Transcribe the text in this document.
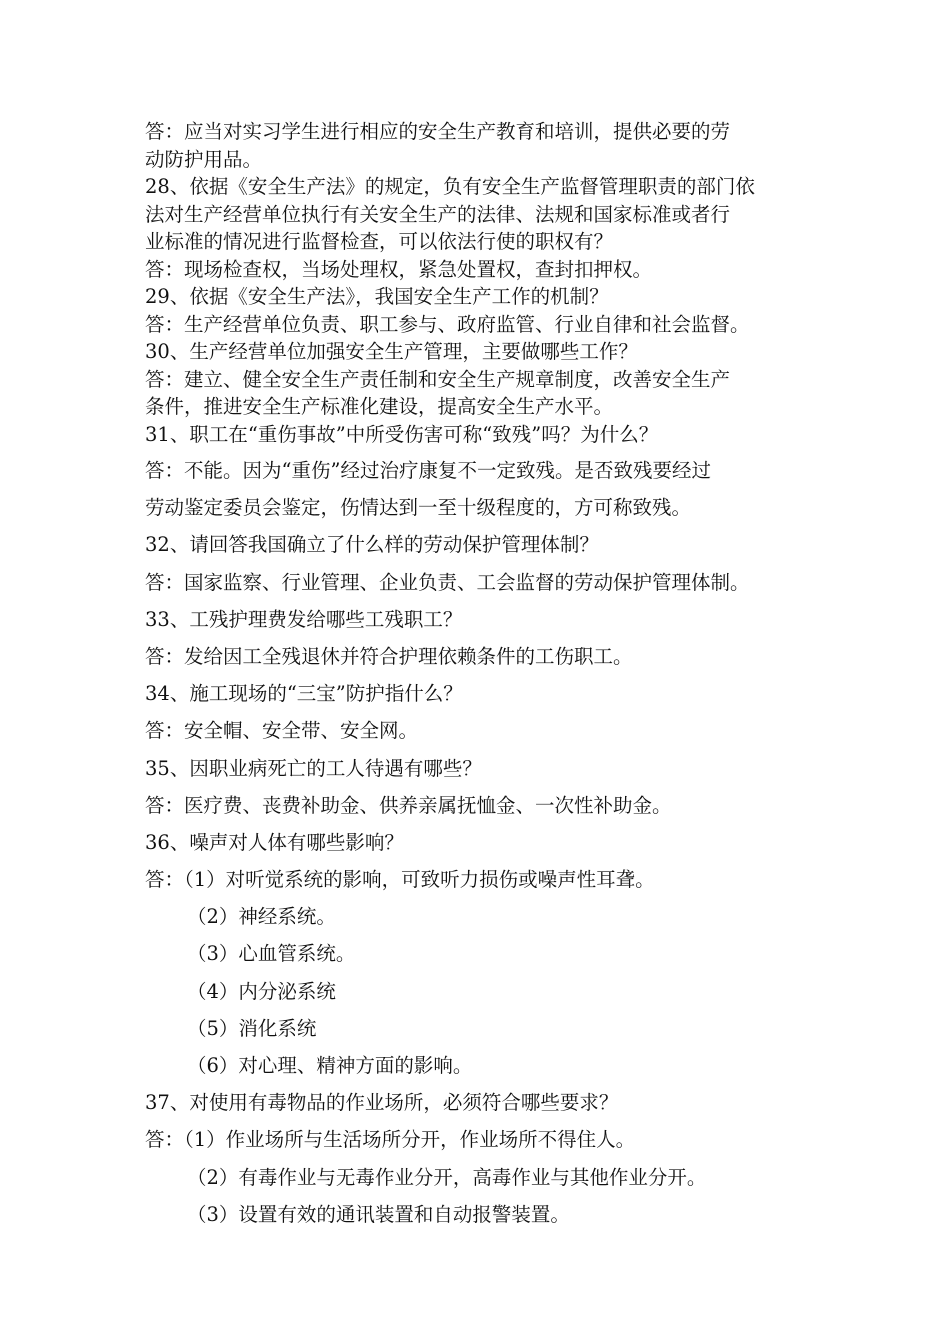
答：应当对实习学生进行相应的安全生产教育和培训，提供必要的劳

动防护用品。

28、依据《安全生产法》的规定，负有安全生产监督管理职责的部门依

法对生产经营单位执行有关安全生产的法律、法规和国家标准或者行

业标准的情况进行监督检查，可以依法行使的职权有？

答：现场检查权，当场处理权，紧急处置权，查封扣押权。

29、依据《安全生产法》，我国安全生产工作的机制？

答：生产经营单位负责、职工参与、政府监管、行业自律和社会监督。

30、生产经营单位加强安全生产管理，主要做哪些工作？

答：建立、健全安全生产责任制和安全生产规章制度，改善安全生产

条件，推进安全生产标准化建设，提高安全生产水平。

31、职工在“重伤事故”中所受伤害可称“致残”吗？为什么？

答：不能。因为“重伤”经过治疗康复不一定致残。是否致残要经过

劳动鉴定委员会鉴定，伤情达到一至十级程度的，方可称致残。

32、请回答我国确立了什么样的劳动保护管理体制？

答：国家监察、行业管理、企业负责、工会监督的劳动保护管理体制。

33、工残护理费发给哪些工残职工？

答：发给因工全残退休并符合护理依赖条件的工伤职工。

34、施工现场的“三宝”防护指什么？

答：安全帽、安全带、安全网。

35、因职业病死亡的工人待遇有哪些？

答：医疗费、丧费补助金、供养亲属抚恤金、一次性补助金。

36、噪声对人体有哪些影响？

答：（1）对听觉系统的影响，可致听力损伤或噪声性耳聋。

（2）神经系统。

（3）心血管系统。

（4）内分泌系统

（5）消化系统

（6）对心理、精神方面的影响。

37、对使用有毒物品的作业场所，必须符合哪些要求？

答：（1）作业场所与生活场所分开，作业场所不得住人。

（2）有毒作业与无毒作业分开，高毒作业与其他作业分开。

（3）设置有效的通讯装置和自动报警装置。
